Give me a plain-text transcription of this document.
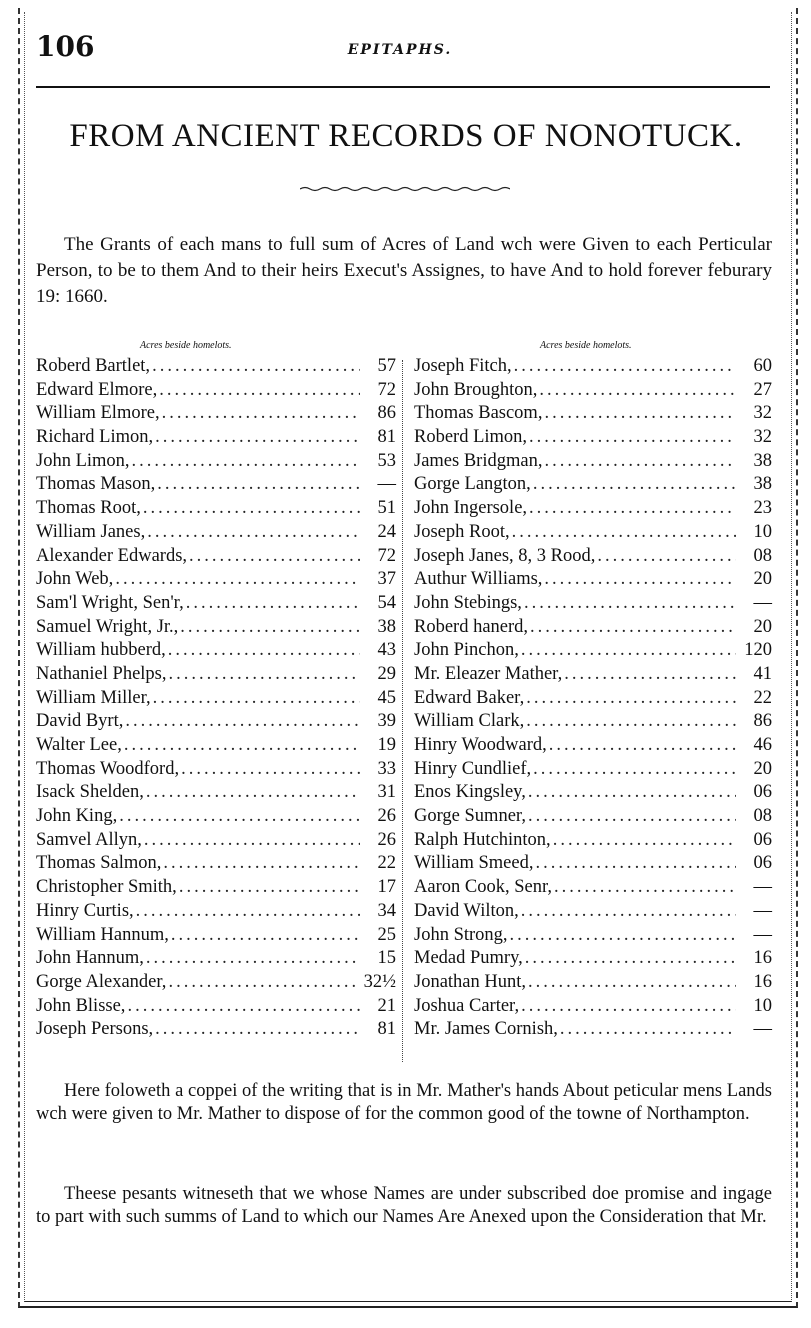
106	EPITAPHS.
FROM ANCIENT RECORDS OF NONOTUCK.

The Grants of each mans to full sum of Acres of Land wch were Given to each Perticular Person, to be to them And to their heirs Execut's Assignes, to have And to hold forever feburary 19: 1660.

Acres beside homelots.	Acres beside homelots.
Roberd Bartlet, .....	57
Edward Elmore, .....	72
William Elmore, .....	86
Richard Limon, .....	81
John Limon, .....	53
Thomas Mason, .....	—
Thomas Root, .....	51
William Janes, .....	24
Alexander Edwards, .....	72
John Web, .....	37
Sam'l Wright, Sen'r, .....	54
Samuel Wright, Jr., .....	38
William hubberd, .....	43
Nathaniel Phelps, .....	29
William Miller, .....	45
David Byrt, .....	39
Walter Lee, .....	19
Thomas Woodford, .....	33
Isack Shelden, .....	31
John King, .....	26
Samvel Allyn, .....	26
Thomas Salmon, .....	22
Christopher Smith, .....	17
Hinry Curtis, .....	34
William Hannum, .....	25
John Hannum, .....	15
Gorge Alexander, .....	32½
John Blisse, .....	21
Joseph Persons, .....	81
Joseph Fitch, .....	60
John Broughton, .....	27
Thomas Bascom, .....	32
Roberd Limon, .....	32
James Bridgman, .....	38
Gorge Langton, .....	38
John Ingersole, .....	23
Joseph Root, .....	10
Joseph Janes, 8, 3 Rood, .....	08
Authur Williams, .....	20
John Stebings, .....	—
Roberd hanerd, .....	20
John Pinchon, .....	120
Mr. Eleazer Mather, .....	41
Edward Baker, .....	22
William Clark, .....	86
Hinry Woodward, .....	46
Hinry Cundlief, .....	20
Enos Kingsley, .....	06
Gorge Sumner, .....	08
Ralph Hutchinton, .....	06
William Smeed, .....	06
Aaron Cook, Senr, .....	—
David Wilton, .....	—
John Strong, .....	—
Medad Pumry, .....	16
Jonathan Hunt, .....	16
Joshua Carter, .....	10
Mr. James Cornish, .....	—

Here foloweth a coppei of the writing that is in Mr. Mather's hands About peticular mens Lands wch were given to Mr. Mather to dispose of for the common good of the towne of Northampton.

Theese pesants witneseth that we whose Names are under subscribed doe promise and ingage to part with such summs of Land to which our Names Are Anexed upon the Consideration that Mr.
